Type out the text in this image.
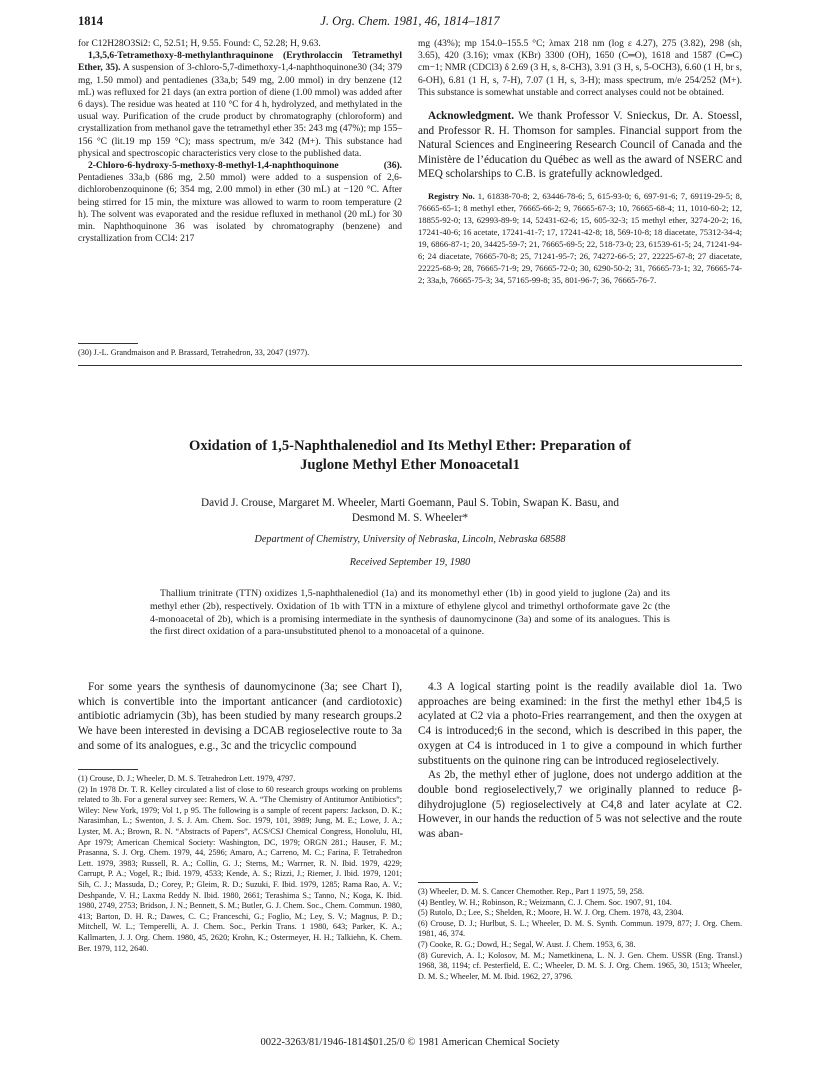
1814	J. Org. Chem. 1981, 46, 1814–1817

for C12H28O3Si2: C, 52.51; H, 9.55. Found: C, 52.28; H, 9.63.

1,3,5,6-Tetramethoxy-8-methylanthraquinone (Erythrolaccin Tetramethyl Ether, 35). A suspension of 3-chloro-5,7-dimethoxy-1,4-naphthoquinone30 (34; 379 mg, 1.50 mmol) and pentadienes (33a,b; 549 mg, 2.00 mmol) in dry benzene (12 mL) was refluxed for 21 days (an extra portion of diene (1.00 mmol) was added after 6 days). The residue was heated at 110 °C for 4 h, hydrolyzed, and methylated in the usual way. Purification of the crude product by chromatography (chloroform) and crystallization from methanol gave the tetramethyl ether 35: 243 mg (47%); mp 155–156 °C (lit.19 mp 159 °C); mass spectrum, m/e 342 (M+). This substance had physical and spectroscopic characteristics very close to the published data.

2-Chloro-6-hydroxy-5-methoxy-8-methyl-1,4-naphthoquinone (36). Pentadienes 33a,b (686 mg, 2.50 mmol) were added to a suspension of 2,6-dichlorobenzoquinone (6; 354 mg, 2.00 mmol) in ether (30 mL) at −120 °C. After being stirred for 15 min, the mixture was allowed to warm to room temperature (2 h). The solvent was evaporated and the residue refluxed in methanol (20 mL) for 30 min. Naphthoquinone 36 was isolated by chromatography (benzene) and crystallization from CCl4: 217

(30) J.-L. Grandmaison and P. Brassard, Tetrahedron, 33, 2047 (1977).

mg (43%); mp 154.0–155.5 °C; λmax 218 nm (log ε 4.27), 275 (3.82), 298 (sh, 3.65), 420 (3.16); νmax (KBr) 3300 (OH), 1650 (C═O), 1618 and 1587 (C═C) cm−1; NMR (CDCl3) δ 2.69 (3 H, s, 8-CH3), 3.91 (3 H, s, 5-OCH3), 6.60 (1 H, br s, 6-OH), 6.81 (1 H, s, 7-H), 7.07 (1 H, s, 3-H); mass spectrum, m/e 254/252 (M+). This substance is somewhat unstable and correct analyses could not be obtained.

Acknowledgment. We thank Professor V. Snieckus, Dr. A. Stoessl, and Professor R. H. Thomson for samples. Financial support from the Natural Sciences and Engineering Research Council of Canada and the Ministère de l’éducation du Québec as well as the award of NSERC and MEQ scholarships to C.B. is gratefully acknowledged.

Registry No. 1, 61838-70-8; 2, 63446-78-6; 5, 615-93-0; 6, 697-91-6; 7, 69119-29-5; 8, 76665-65-1; 8 methyl ether, 76665-66-2; 9, 76665-67-3; 10, 76665-68-4; 11, 1010-60-2; 12, 18855-92-0; 13, 62993-89-9; 14, 52431-62-6; 15, 605-32-3; 15 methyl ether, 3274-20-2; 16, 17241-40-6; 16 acetate, 17241-41-7; 17, 17241-42-8; 18, 569-10-8; 18 diacetate, 75312-34-4; 19, 6866-87-1; 20, 34425-59-7; 21, 76665-69-5; 22, 518-73-0; 23, 61539-61-5; 24, 71241-94-6; 24 diacetate, 76665-70-8; 25, 71241-95-7; 26, 74272-66-5; 27, 22225-67-8; 27 diacetate, 22225-68-9; 28, 76665-71-9; 29, 76665-72-0; 30, 6290-50-2; 31, 76665-73-1; 32, 76665-74-2; 33a,b, 76665-75-3; 34, 57165-99-8; 35, 801-96-7; 36, 76665-76-7.

Oxidation of 1,5-Naphthalenediol and Its Methyl Ether: Preparation of
Juglone Methyl Ether Monoacetal1
David J. Crouse, Margaret M. Wheeler, Marti Goemann, Paul S. Tobin, Swapan K. Basu, and
Desmond M. S. Wheeler*
Department of Chemistry, University of Nebraska, Lincoln, Nebraska 68588
Received September 19, 1980

Thallium trinitrate (TTN) oxidizes 1,5-naphthalenediol (1a) and its monomethyl ether (1b) in good yield to juglone (2a) and its methyl ether (2b), respectively. Oxidation of 1b with TTN in a mixture of ethylene glycol and trimethyl orthoformate gave 2c (the 4-monoacetal of 2b), which is a promising intermediate in the synthesis of daunomycinone (3a) and some of its analogues. This is the first direct oxidation of a para-unsubstituted phenol to a monoacetal of a quinone.

For some years the synthesis of daunomycinone (3a; see Chart I), which is convertible into the important anticancer (and cardiotoxic) antibiotic adriamycin (3b), has been studied by many research groups.2 We have been interested in devising a DCAB regioselective route to 3a and some of its analogues, e.g., 3c and the tricyclic compound

(1) Crouse, D. J.; Wheeler, D. M. S. Tetrahedron Lett. 1979, 4797.

(2) In 1978 Dr. T. R. Kelley circulated a list of close to 60 research groups working on problems related to 3b. For a general survey see: Remers, W. A. “The Chemistry of Antitumor Antibiotics”; Wiley: New York, 1979; Vol 1, p 95. The following is a sample of recent papers: Jackson, D. K.; Narasimhan, L.; Swenton, J. S. J. Am. Chem. Soc. 1979, 101, 3989; Jung, M. E.; Lowe, J. A.; Lyster, M. A.; Brown, R. N. “Abstracts of Papers”, ACS/CSJ Chemical Congress, Honolulu, HI, Apr 1979; American Chemical Society: Washington, DC, 1979; ORGN 281.; Hauser, F. M.; Prasanna, S. J. Org. Chem. 1979, 44, 2596; Amaro, A.; Carreno, M. C.; Farina, F. Tetrahedron Lett. 1979, 3983; Russell, R. A.; Collin, G. J.; Sterns, M.; Warrner, R. N. Ibid. 1979, 4229; Carrupt, P. A.; Vogel, R.; Ibid. 1979, 4533; Kende, A. S.; Rizzi, J.; Riemer, J. Ibid. 1979, 1201; Sih, C. J.; Massuda, D.; Corey, P.; Gleim, R. D.; Suzuki, F. Ibid. 1979, 1285; Rama Rao, A. V.; Deshpande, V. H.; Laxma Reddy N. Ibid. 1980, 2661; Terashima S.; Tanno, N.; Koga, K. Ibid. 1980, 2749, 2753; Bridson, J. N.; Bennett, S. M.; Butler, G. J. Chem. Soc., Chem. Commun. 1980, 413; Barton, D. H. R.; Dawes, C. C.; Franceschi, G.; Foglio, M.; Ley, S. V.; Magnus, P. D.; Mitchell, W. L.; Temperelli, A. J. Chem. Soc., Perkin Trans. 1 1980, 643; Parker, K. A.; Kallmarten, J. J. Org. Chem. 1980, 45, 2620; Krohn, K.; Ostermeyer, H. H.; Talkiehn, K. Chem. Ber. 1979, 112, 2640.

4.3 A logical starting point is the readily available diol 1a. Two approaches are being examined: in the first the methyl ether 1b4,5 is acylated at C2 via a photo-Fries rearrangement, and then the oxygen at C4 is introduced;6 in the second, which is described in this paper, the oxygen at C4 is introduced in 1 to give a compound in which further substituents on the quinone ring can be introduced regioselectively.

As 2b, the methyl ether of juglone, does not undergo addition at the double bond regioselectively,7 we originally planned to reduce β-dihydrojuglone (5) regioselectively at C4,8 and later acylate at C2. However, in our hands the reduction of 5 was not selective and the route was aban-

(3) Wheeler, D. M. S. Cancer Chemother. Rep., Part 1 1975, 59, 258.

(4) Bentley, W. H.; Robinson, R.; Weizmann, C. J. Chem. Soc. 1907, 91, 104.

(5) Rutolo, D.; Lee, S.; Shelden, R.; Moore, H. W. J. Org. Chem. 1978, 43, 2304.

(6) Crouse, D. J.; Hurlbut, S. L.; Wheeler, D. M. S. Synth. Commun. 1979, 877; J. Org. Chem. 1981, 46, 374.

(7) Cooke, R. G.; Dowd, H.; Segal, W. Aust. J. Chem. 1953, 6, 38.

(8) Gurevich, A. I.; Kolosov, M. M.; Nametkinena, L. N. J. Gen. Chem. USSR (Eng. Transl.) 1968, 38, 1194; cf. Pesterfield, E. C.; Wheeler, D. M. S. J. Org. Chem. 1965, 30, 1513; Wheeler, D. M. S.; Wheeler, M. M. Ibid. 1962, 27, 3796.

0022-3263/81/1946-1814$01.25/0 © 1981 American Chemical Society
